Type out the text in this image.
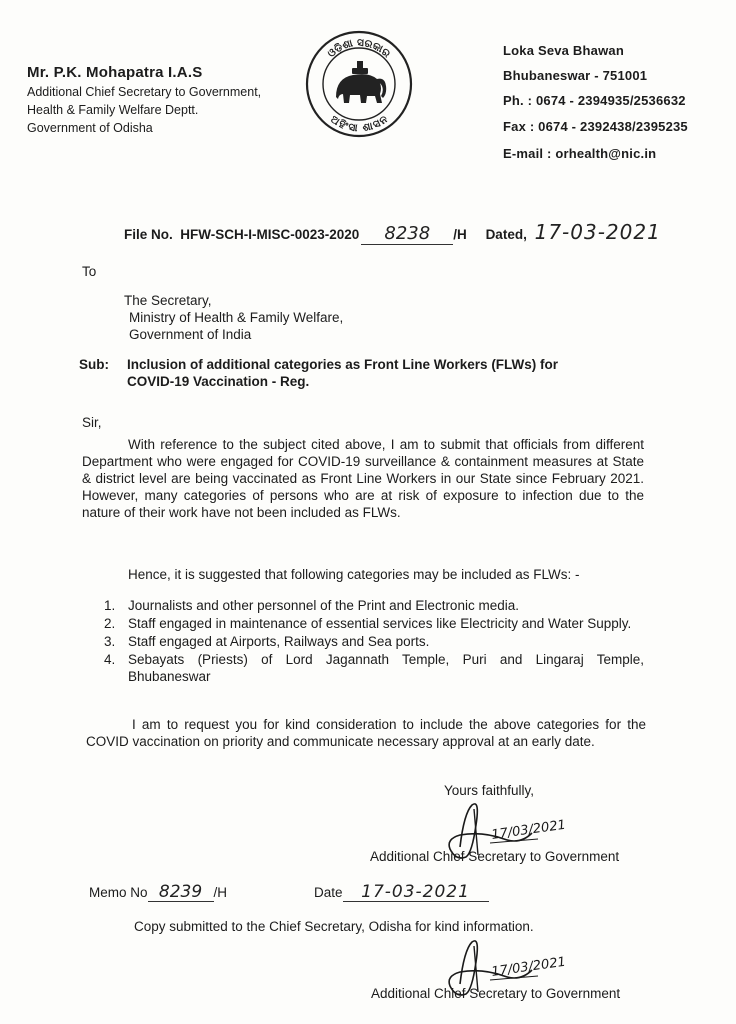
Mr. P.K. Mohapatra I.A.S
Additional Chief Secretary to Government,
Health & Family Welfare Deptt.
Government of Odisha
ଓଡ଼ିଶା ସରକାର
ଅହିଂସା ଶାସନ
Loka Seva Bhawan
Bhubaneswar - 751001
Ph. : 0674 - 2394935/2536632
Fax : 0674 - 2392438/2395235
E-mail : orhealth@nic.in
File No. HFW-SCH-I-MISC-0023-2020 8238 /H Dated, 17-03-2021
To
The Secretary,
Ministry of Health & Family Welfare,
Government of India
Sub: Inclusion of additional categories as Front Line Workers (FLWs) for
COVID-19 Vaccination - Reg.
Sir,
With reference to the subject cited above, I am to submit that officials from different Department who were engaged for COVID-19 surveillance & containment measures at State & district level are being vaccinated as Front Line Workers in our State since February 2021. However, many categories of persons who are at risk of exposure to infection due to the nature of their work have not been included as FLWs.
Hence, it is suggested that following categories may be included as FLWs: -
1. Journalists and other personnel of the Print and Electronic media.
2. Staff engaged in maintenance of essential services like Electricity and Water Supply.
3. Staff engaged at Airports, Railways and Sea ports.
4. Sebayats (Priests) of Lord Jagannath Temple, Puri and Lingaraj Temple, Bhubaneswar
I am to request you for kind consideration to include the above categories for the COVID vaccination on priority and communicate necessary approval at an early date.
Yours faithfully,
17/03/2021
Additional Chief Secretary to Government
Memo No 8239 /H	Date 17-03-2021
Copy submitted to the Chief Secretary, Odisha for kind information.
17/03/2021
Additional Chief Secretary to Government
